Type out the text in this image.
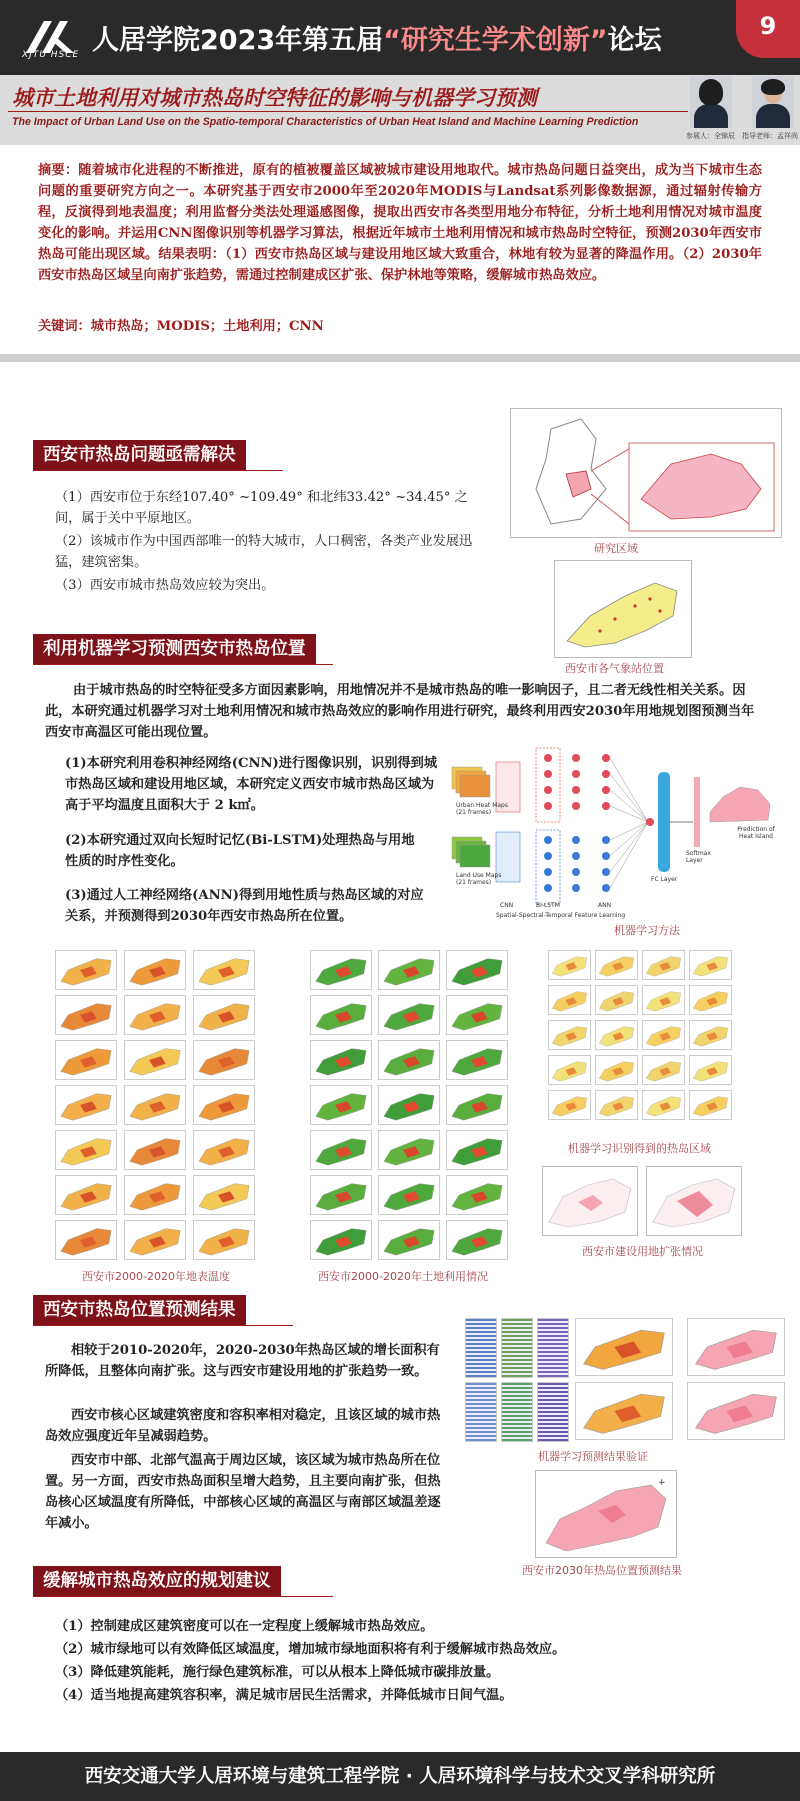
XJTU HSCE 人居学院2023年第五届“研究生学术创新”论坛	9
城市土地利用对城市热岛时空特征的影响与机器学习预测
The Impact of Urban Land Use on the Spatio-temporal Characteristics of Urban Heat Island and Machine Learning Prediction
参展人：全锦辰　指导老师：孟祥尚
摘要：随着城市化进程的不断推进，原有的植被覆盖区域被城市建设用地取代。城市热岛问题日益突出，成为当下城市生态问题的重要研究方向之一。本研究基于西安市2000年至2020年MODIS与Landsat系列影像数据源，通过辐射传输方程，反演得到地表温度；利用监督分类法处理遥感图像，提取出西安市各类型用地分布特征，分析土地利用情况对城市温度变化的影响。并运用CNN图像识别等机器学习算法，根据近年城市土地利用情况和城市热岛时空特征，预测2030年西安市热岛可能出现区域。结果表明：（1）西安市热岛区域与建设用地区域大致重合，林地有较为显著的降温作用。（2）2030年西安市热岛区域呈向南扩张趋势，需通过控制建成区扩张、保护林地等策略，缓解城市热岛效应。
关键词：城市热岛；MODIS；土地利用；CNN
西安市热岛问题亟需解决
（1）西安市位于东经107.40° ~109.49° 和北纬33.42° ~34.45° 之间，属于关中平原地区。
（2）该城市作为中国西部唯一的特大城市，人口稠密，各类产业发展迅猛，建筑密集。
（3）西安市城市热岛效应较为突出。
研究区域
西安市各气象站位置
利用机器学习预测西安市热岛位置
由于城市热岛的时空特征受多方面因素影响，用地情况并不是城市热岛的唯一影响因子，且二者无线性相关关系。因此，本研究通过机器学习对土地利用情况和城市热岛效应的影响作用进行研究，最终利用西安2030年用地规划图预测当年西安市高温区可能出现位置。
(1)本研究利用卷积神经网络(CNN)进行图像识别，识别得到城市热岛区域和建设用地区域，本研究定义西安市城市热岛区域为高于平均温度且面积大于 2 k㎡。
(2)本研究通过双向长短时记忆(Bi-LSTM)处理热岛与用地性质的时序性变化。
(3)通过人工神经网络(ANN)得到用地性质与热岛区域的对应关系，并预测得到2030年西安市热岛所在位置。
Urban Heat Maps
(21 frames)
Land Use Maps
(21 frames)
CNN	Bi-LSTM	ANN
FC Layer
Softmax Layer
Prediction of Heat Island
Spatial-Spectral-Temporal Feature Learning
机器学习方法
西安市2000-2020年地表温度	西安市2000-2020年土地利用情况
机器学习识别得到的热岛区域
西安市建设用地扩张情况
西安市热岛位置预测结果
相较于2010-2020年，2020-2030年热岛区域的增长面积有所降低，且整体向南扩张。这与西安市建设用地的扩张趋势一致。
西安市核心区域建筑密度和容积率相对稳定，且该区域的城市热岛效应强度近年呈减弱趋势。
西安市中部、北部气温高于周边区域，该区域为城市热岛所在位置。另一方面，西安市热岛面积呈增大趋势，且主要向南扩张，但热岛核心区域温度有所降低，中部核心区域的高温区与南部区域温差逐年减小。
机器学习预测结果验证
+
西安市2030年热岛位置预测结果
缓解城市热岛效应的规划建议
（1）控制建成区建筑密度可以在一定程度上缓解城市热岛效应。
（2）城市绿地可以有效降低区域温度，增加城市绿地面积将有利于缓解城市热岛效应。
（3）降低建筑能耗，施行绿色建筑标准，可以从根本上降低城市碳排放量。
（4）适当地提高建筑容积率，满足城市居民生活需求，并降低城市日间气温。
西安交通大学人居环境与建筑工程学院 · 人居环境科学与技术交叉学科研究所
